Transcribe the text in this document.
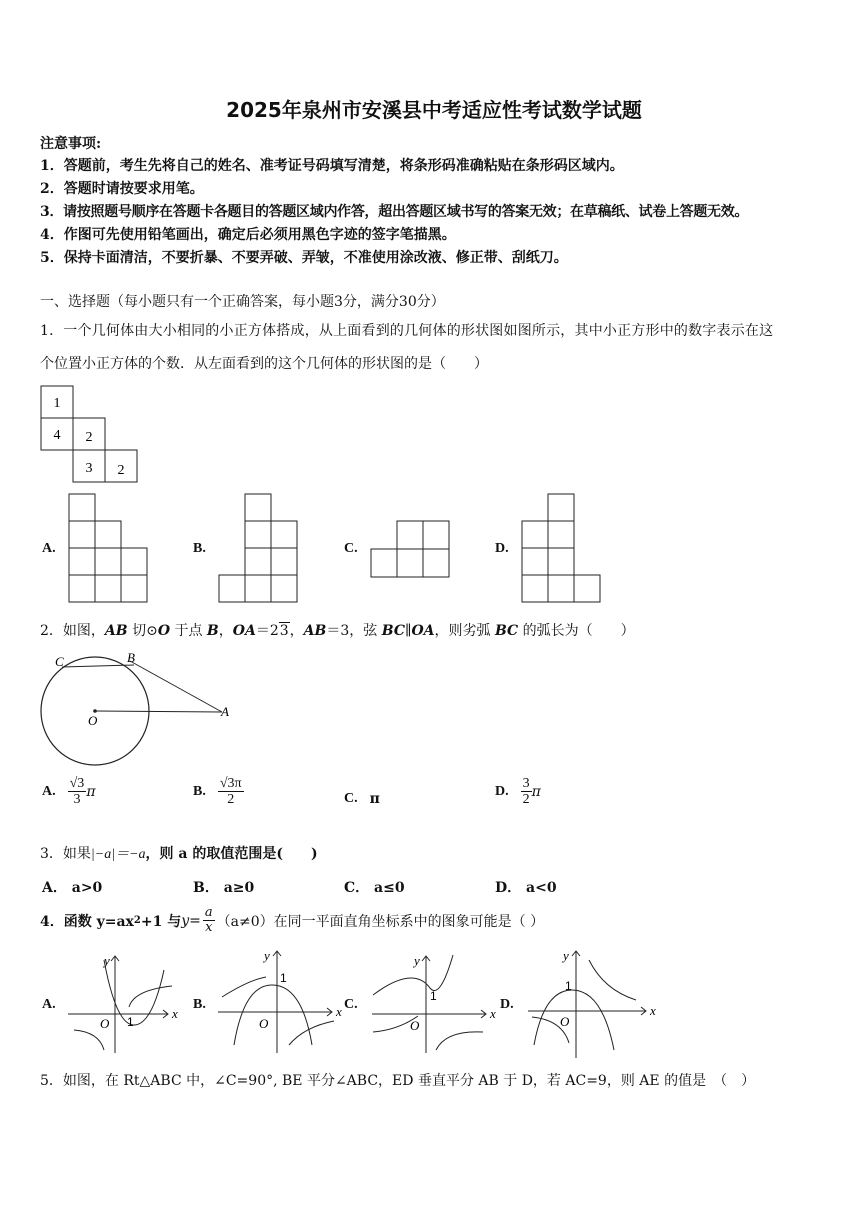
2025年泉州市安溪县中考适应性考试数学试题
注意事项:
1．答题前，考生先将自己的姓名、准考证号码填写清楚，将条形码准确粘贴在条形码区域内。
2．答题时请按要求用笔。
3．请按照题号顺序在答题卡各题目的答题区域内作答，超出答题区域书写的答案无效；在草稿纸、试卷上答题无效。
4．作图可先使用铅笔画出，确定后必须用黑色字迹的签字笔描黑。
5．保持卡面清洁，不要折暴、不要弄破、弄皱，不准使用涂改液、修正带、刮纸刀。
一、选择题（每小题只有一个正确答案，每小题3分，满分30分）
1．一个几何体由大小相同的小正方体搭成，从上面看到的几何体的形状图如图所示，其中小正方形中的数字表示在这
个位置小正方体的个数．从左面看到的这个几何体的形状图的是（　　）
1
4 2
3 2
A.	B.	C.	D.
2．如图，AB 切⊙O 于点 B，OA＝23，AB＝3，弦 BC∥OA，则劣弧 BC 的弧长为（　　）
C	B
O
A
A. $\frac{√3}{3}$ π	B. $\frac{√3\pi}{2}$	C. π	D. $\frac{3}{2}$ π
3．如果|−a|＝−a，则 a 的取值范围是(　　)
A． a>0	B． a≥0	C． a≤0	D． a<0
4．函数 y=ax 2 +1 与 $y = \frac{a}{x} (a\ne 0)$在同一平面直角坐标系中的图象可能是（ ）
A.
x
y
O 1
B.	x
y
O
1
C.
x
y
O
1
D.	x
y
O
1
5．如图，在 Rt△ABC 中，∠C=90°, BE 平分∠ABC，ED 垂直平分 AB 于 D，若 AC=9，则 AE 的值是　（　）
